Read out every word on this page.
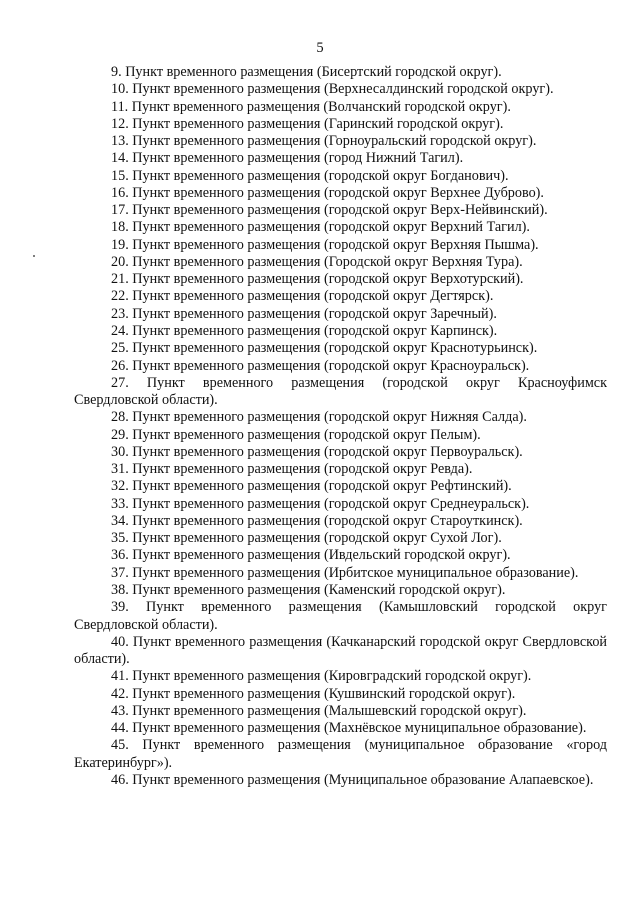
5
9. Пункт временного размещения (Бисертский городской округ).
10. Пункт временного размещения (Верхнесалдинский городской округ).
11. Пункт временного размещения (Волчанский городской округ).
12. Пункт временного размещения (Гаринский городской округ).
13. Пункт временного размещения (Горноуральский городской округ).
14. Пункт временного размещения (город Нижний Тагил).
15. Пункт временного размещения (городской округ Богданович).
16. Пункт временного размещения (городской округ Верхнее Дуброво).
17. Пункт временного размещения (городской округ Верх-Нейвинский).
18. Пункт временного размещения (городской округ Верхний Тагил).
19. Пункт временного размещения (городской округ Верхняя Пышма).
20. Пункт временного размещения (Городской округ Верхняя Тура).
21. Пункт временного размещения (городской округ Верхотурский).
22. Пункт временного размещения (городской округ Дегтярск).
23. Пункт временного размещения (городской округ Заречный).
24. Пункт временного размещения (городской округ Карпинск).
25. Пункт временного размещения (городской округ Краснотурьинск).
26. Пункт временного размещения (городской округ Красноуральск).
27. Пункт временного размещения (городской округ Красноуфимск Свердловской области).
28. Пункт временного размещения (городской округ Нижняя Салда).
29. Пункт временного размещения (городской округ Пелым).
30. Пункт временного размещения (городской округ Первоуральск).
31. Пункт временного размещения (городской округ Ревда).
32. Пункт временного размещения (городской округ Рефтинский).
33. Пункт временного размещения (городской округ Среднеуральск).
34. Пункт временного размещения (городской округ Староуткинск).
35. Пункт временного размещения (городской округ Сухой Лог).
36. Пункт временного размещения (Ивдельский городской округ).
37. Пункт временного размещения (Ирбитское муниципальное образование).
38. Пункт временного размещения (Каменский городской округ).
39. Пункт временного размещения (Камышловский городской округ Свердловской области).
40. Пункт временного размещения (Качканарский городской округ Свердловской области).
41. Пункт временного размещения (Кировградский городской округ).
42. Пункт временного размещения (Кушвинский городской округ).
43. Пункт временного размещения (Малышевский городской округ).
44. Пункт временного размещения (Махнёвское муниципальное образование).
45. Пункт временного размещения (муниципальное образование «город Екатеринбург»).
46. Пункт временного размещения (Муниципальное образование Алапаевское).
